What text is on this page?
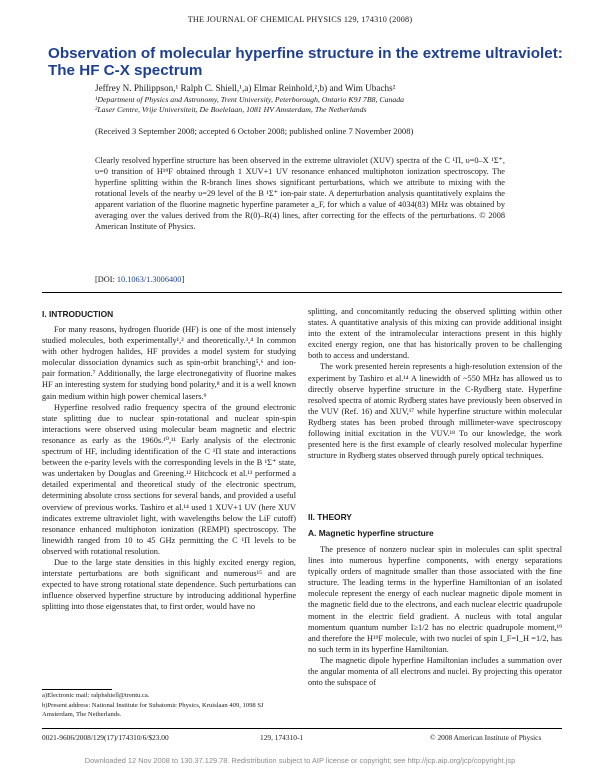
THE JOURNAL OF CHEMICAL PHYSICS 129, 174310 (2008)
Observation of molecular hyperfine structure in the extreme ultraviolet: The HF C-X spectrum
Jeffrey N. Philippson,¹ Ralph C. Shiell,¹,a) Elmar Reinhold,²,b) and Wim Ubachs²
¹Department of Physics and Astronomy, Trent University, Peterborough, Ontario K9J 7B8, Canada
²Laser Centre, Vrije Universiteit, De Boelelaan, 1081 HV Amsterdam, The Netherlands
(Received 3 September 2008; accepted 6 October 2008; published online 7 November 2008)
Clearly resolved hyperfine structure has been observed in the extreme ultraviolet (XUV) spectra of the C ¹Π, υ=0–X ¹Σ⁺, υ=0 transition of H¹⁹F obtained through 1 XUV+1 UV resonance enhanced multiphoton ionization spectroscopy. The hyperfine splitting within the R-branch lines shows significant perturbations, which we attribute to mixing with the rotational levels of the nearby υ=29 level of the B ¹Σ⁺ ion-pair state. A deperturbation analysis quantitatively explains the apparent variation of the fluorine magnetic hyperfine parameter a_F, for which a value of 4034(83) MHz was obtained by averaging over the values derived from the R(0)–R(4) lines, after correcting for the effects of the perturbations. © 2008 American Institute of Physics.
[DOI: 10.1063/1.3006400]
I. INTRODUCTION

For many reasons, hydrogen fluoride (HF) is one of the most intensely studied molecules, both experimentally¹,² and theoretically.³,⁴ In common with other hydrogen halides, HF provides a model system for studying molecular dissociation dynamics such as spin-orbit branching⁵,⁶ and ion-pair formation.⁷ Additionally, the large electronegativity of fluorine makes HF an interesting system for studying bond polarity,⁸ and it is a well known gain medium within high power chemical lasers.⁹

Hyperfine resolved radio frequency spectra of the ground electronic state splitting due to nuclear spin-rotational and nuclear spin-spin interactions were observed using molecular beam magnetic and electric resonance as early as the 1960s.¹⁰,¹¹ Early analysis of the electronic spectrum of HF, including identification of the C ¹Π state and interactions between the e-parity levels with the corresponding levels in the B ¹Σ⁺ state, was undertaken by Douglas and Greening.¹² Hitchcock et al.¹³ performed a detailed experimental and theoretical study of the electronic spectrum, determining absolute cross sections for several bands, and provided a useful overview of previous works. Tashiro et al.¹⁴ used 1 XUV+1 UV (here XUV indicates extreme ultraviolet light, with wavelengths below the LiF cutoff) resonance enhanced multiphoton ionization (REMPI) spectroscopy. The linewidth ranged from 10 to 45 GHz permitting the C ¹Π levels to be observed with rotational resolution.

Due to the large state densities in this highly excited energy region, interstate perturbations are both significant and numerous¹⁵ and are expected to have strong rotational state dependence. Such perturbations can influence observed hyperfine structure by introducing additional hyperfine splitting into those eigenstates that, to first order, would have no

splitting, and concomitantly reducing the observed splitting within other states. A quantitative analysis of this mixing can provide additional insight into the extent of the intramolecular interactions present in this highly excited energy region, one that has historically proven to be challenging both to access and understand.

The work presented herein represents a high-resolution extension of the experiment by Tashiro et al.¹⁴ A linewidth of ~550 MHz has allowed us to directly observe hyperfine structure in the C-Rydberg state. Hyperfine resolved spectra of atomic Rydberg states have previously been observed in the VUV (Ref. 16) and XUV,¹⁷ while hyperfine structure within molecular Rydberg states has been probed through millimeter-wave spectroscopy following initial excitation in the VUV.¹⁸ To our knowledge, the work presented here is the first example of clearly resolved molecular hyperfine structure in Rydberg states observed through purely optical techniques.

II. THEORY
A. Magnetic hyperfine structure

The presence of nonzero nuclear spin in molecules can split spectral lines into numerous hyperfine components, with energy separations typically orders of magnitude smaller than those associated with the fine structure. The leading terms in the hyperfine Hamiltonian of an isolated molecule represent the energy of each nuclear magnetic dipole moment in the magnetic field due to the electrons, and each nuclear electric quadrupole moment in the electric field gradient. A nucleus with total angular momentum quantum number I≥1/2 has no electric quadrupole moment,¹⁹ and therefore the H¹⁹F molecule, with two nuclei of spin I_F=I_H =1/2, has no such term in its hyperfine Hamiltonian.

The magnetic dipole hyperfine Hamiltonian includes a summation over the angular momenta of all electrons and nuclei. By projecting this operator onto the subspace of

a)Electronic mail: ralphshiell@trentu.ca.
b)Present address: National Institute for Subatomic Physics, Kruislaan 409, 1098 SJ Amsterdam, The Netherlands.
0021-9606/2008/129(17)/174310/6/$23.00	129, 174310-1	© 2008 American Institute of Physics
Downloaded 12 Nov 2008 to 130.37.129.78. Redistribution subject to AIP license or copyright; see http://jcp.aip.org/jcp/copyright.jsp
